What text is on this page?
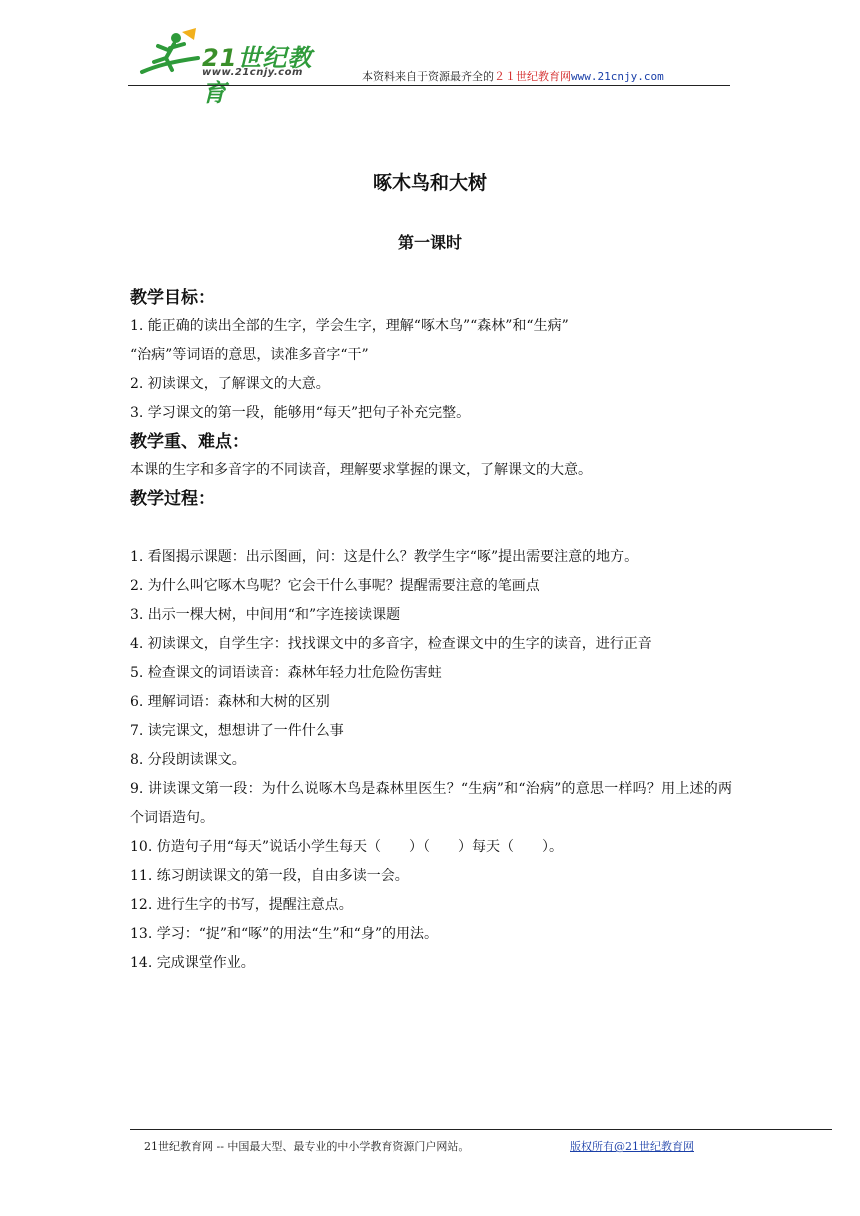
21世纪教育
www.21cnjy.com	本资料来自于资源最齐全的２１世纪教育网www.21cnjy.com
啄木鸟和大树
第一课时

教学目标：

1. 能正确的读出全部的生字，学会生字，理解“啄木鸟”“森林”和“生病”

“治病”等词语的意思，读准多音字“干”

2. 初读课文，了解课文的大意。

3. 学习课文的第一段，能够用“每天”把句子补充完整。

教学重、难点：

本课的生字和多音字的不同读音，理解要求掌握的课文，了解课文的大意。

教学过程：

1. 看图揭示课题：出示图画，问：这是什么？教学生字“啄”提出需要注意的地方。

2. 为什么叫它啄木鸟呢？它会干什么事呢？提醒需要注意的笔画点

3. 出示一棵大树，中间用“和”字连接读课题

4. 初读课文，自学生字：找找课文中的多音字，检查课文中的生字的读音，进行正音

5. 检查课文的词语读音：森林年轻力壮危险伤害蛀

6. 理解词语：森林和大树的区别

7. 读完课文，想想讲了一件什么事

8. 分段朗读课文。

9. 讲读课文第一段：为什么说啄木鸟是森林里医生？“生病”和“治病”的意思一样吗？用上述的两个词语造句。

10. 仿造句子用“每天”说话小学生每天（　　）（　　）每天（　　）。

11. 练习朗读课文的第一段，自由多读一会。

12. 进行生字的书写，提醒注意点。

13. 学习：“捉”和“啄”的用法“生”和“身”的用法。

14. 完成课堂作业。

21世纪教育网 -- 中国最大型、最专业的中小学教育资源门户网站。	版权所有@21世纪教育网
